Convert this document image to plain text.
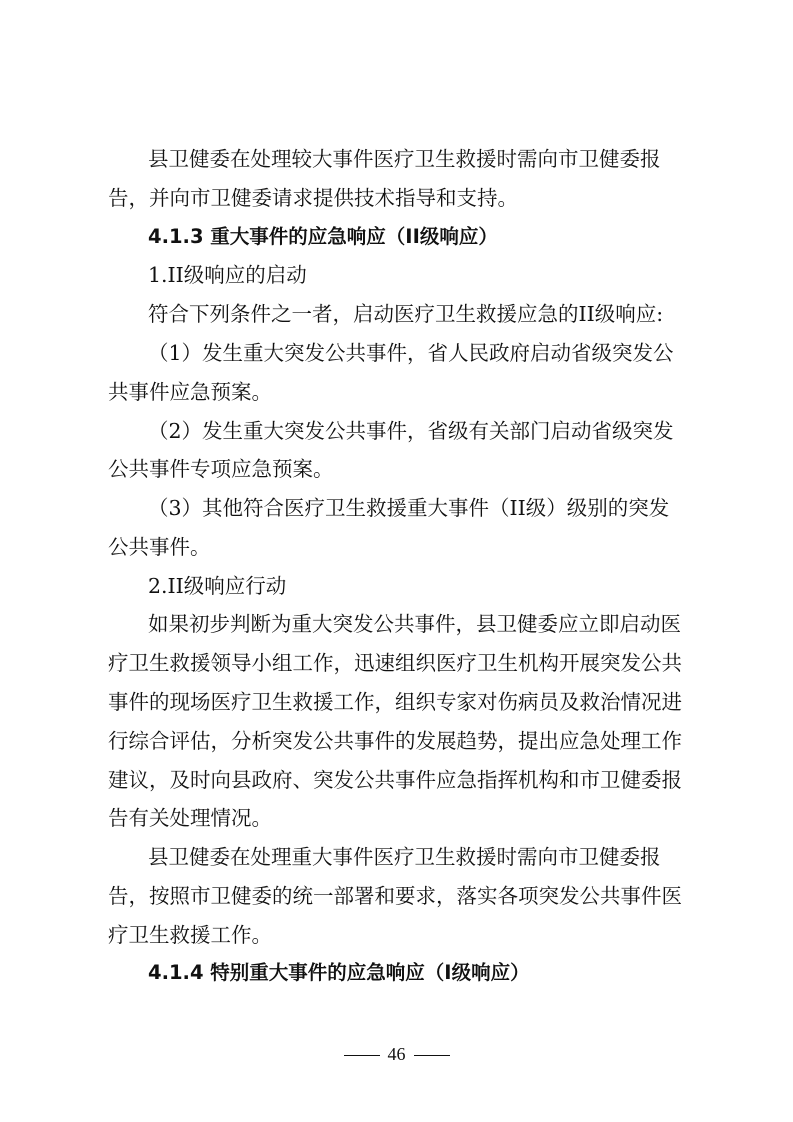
县卫健委在处理较大事件医疗卫生救援时需向市卫健委报
告，并向市卫健委请求提供技术指导和支持。
4.1.3 重大事件的应急响应（II级响应）
1.II级响应的启动
符合下列条件之一者，启动医疗卫生救援应急的II级响应:
（1）发生重大突发公共事件，省人民政府启动省级突发公
共事件应急预案。
（2）发生重大突发公共事件，省级有关部门启动省级突发
公共事件专项应急预案。
（3）其他符合医疗卫生救援重大事件（II级）级别的突发
公共事件。
2.II级响应行动
如果初步判断为重大突发公共事件，县卫健委应立即启动医
疗卫生救援领导小组工作，迅速组织医疗卫生机构开展突发公共
事件的现场医疗卫生救援工作，组织专家对伤病员及救治情况进
行综合评估，分析突发公共事件的发展趋势，提出应急处理工作
建议，及时向县政府、突发公共事件应急指挥机构和市卫健委报
告有关处理情况。
县卫健委在处理重大事件医疗卫生救援时需向市卫健委报
告，按照市卫健委的统一部署和要求，落实各项突发公共事件医
疗卫生救援工作。
4.1.4 特别重大事件的应急响应（I级响应）
46
